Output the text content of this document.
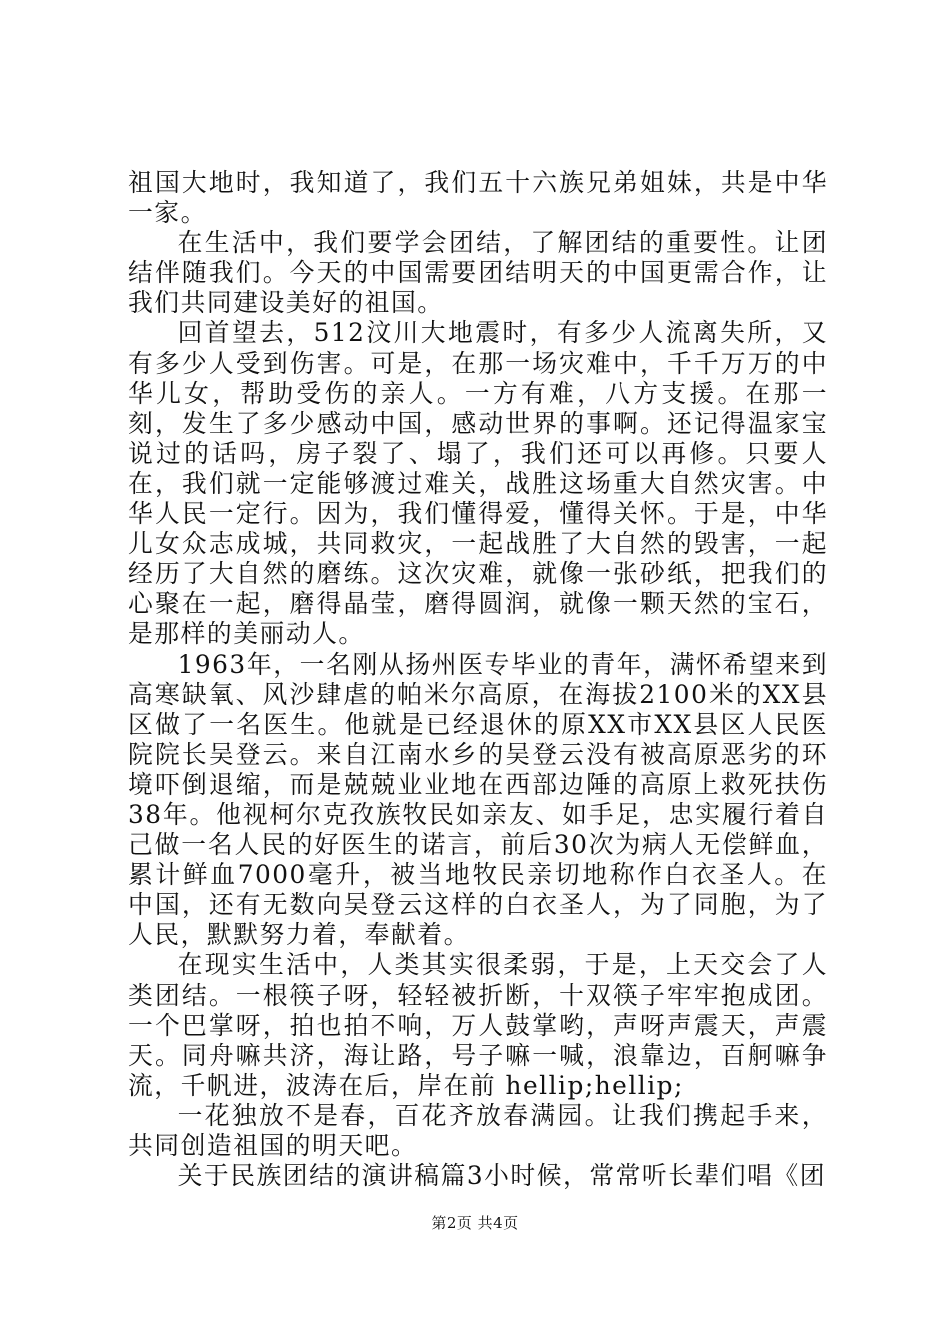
祖国大地时，我知道了，我们五十六族兄弟姐妹，共是中华一家。

在生活中，我们要学会团结，了解团结的重要性。让团结伴随我们。今天的中国需要团结明天的中国更需合作，让我们共同建设美好的祖国。

回首望去，512汶川大地震时，有多少人流离失所，又有多少人受到伤害。可是，在那一场灾难中，千千万万的中华儿女，帮助受伤的亲人。一方有难，八方支援。在那一刻，发生了多少感动中国，感动世界的事啊。还记得温家宝说过的话吗，房子裂了、塌了，我们还可以再修。只要人在，我们就一定能够渡过难关，战胜这场重大自然灾害。中华人民一定行。因为，我们懂得爱，懂得关怀。于是，中华儿女众志成城，共同救灾，一起战胜了大自然的毁害，一起经历了大自然的磨练。这次灾难，就像一张砂纸，把我们的心聚在一起，磨得晶莹，磨得圆润，就像一颗天然的宝石，是那样的美丽动人。

1963年，一名刚从扬州医专毕业的青年，满怀希望来到高寒缺氧、风沙肆虐的帕米尔高原，在海拔2100米的XX县区做了一名医生。他就是已经退休的原XX市XX县区人民医院院长吴登云。来自江南水乡的吴登云没有被高原恶劣的环境吓倒退缩，而是兢兢业业地在西部边陲的高原上救死扶伤38年。他视柯尔克孜族牧民如亲友、如手足，忠实履行着自己做一名人民的好医生的诺言，前后30次为病人无偿鲜血，累计鲜血7000毫升，被当地牧民亲切地称作白衣圣人。在中国，还有无数向吴登云这样的白衣圣人，为了同胞，为了人民，默默努力着，奉献着。

在现实生活中，人类其实很柔弱，于是，上天交会了人类团结。一根筷子呀，轻轻被折断，十双筷子牢牢抱成团。一个巴掌呀，拍也拍不响，万人鼓掌哟，声呀声震天，声震天。同舟嘛共济，海让路，号子嘛一喊，浪靠边，百舸嘛争流，千帆进，波涛在后，岸在前 hellip;hellip;

一花独放不是春，百花齐放春满园。让我们携起手来，共同创造祖国的明天吧。

关于民族团结的演讲稿篇3小时候，常常听长辈们唱《团

第2页 共4页
